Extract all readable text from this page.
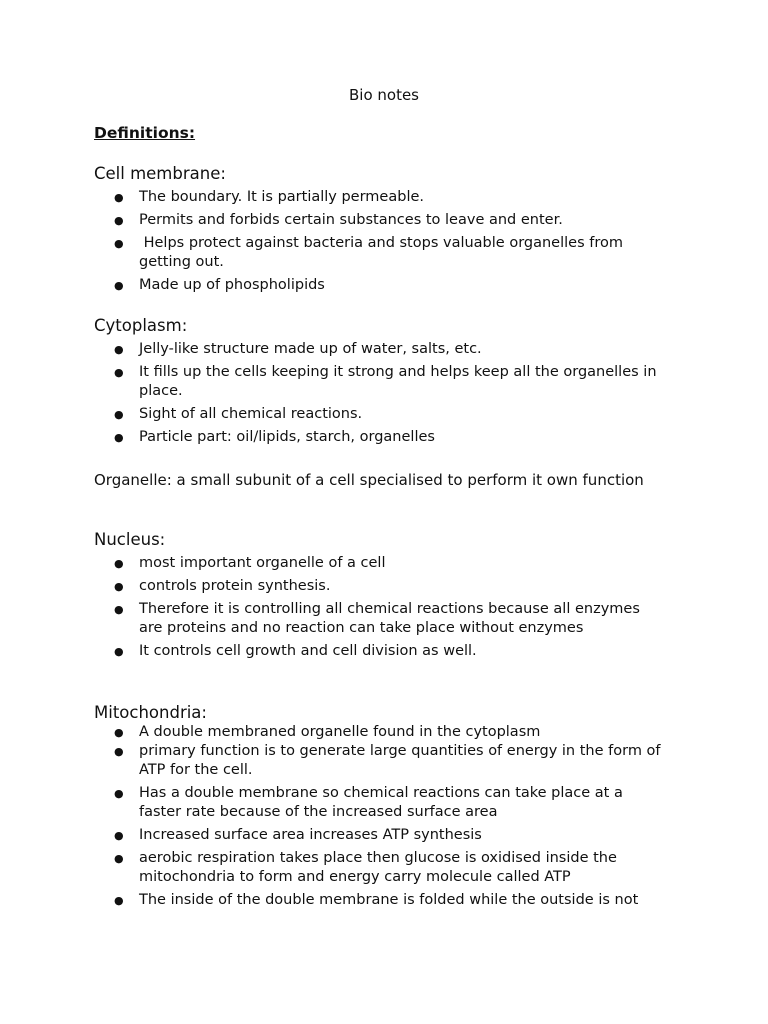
Bio notes
Definitions:

Cell membrane:

● The boundary. It is partially permeable.
● Permits and forbids certain substances to leave and enter.
●  Helps protect against bacteria and stops valuable organelles from getting out.
● Made up of phospholipids

Cytoplasm:

● Jelly-like structure made up of water, salts, etc.
● It fills up the cells keeping it strong and helps keep all the organelles in place.
● Sight of all chemical reactions.
● Particle part: oil/lipids, starch, organelles

Organelle: a small subunit of a cell specialised to perform it own function

Nucleus:

● most important organelle of a cell
● controls protein synthesis.
● Therefore it is controlling all chemical reactions because all enzymes are proteins and no reaction can take place without enzymes
● It controls cell growth and cell division as well.

Mitochondria:

● A double membraned organelle found in the cytoplasm
● primary function is to generate large quantities of energy in the form of ATP for the cell.
● Has a double membrane so chemical reactions can take place at a faster rate because of the increased surface area
● Increased surface area increases ATP synthesis
● aerobic respiration takes place then glucose is oxidised inside the mitochondria to form and energy carry molecule called ATP
● The inside of the double membrane is folded while the outside is not
